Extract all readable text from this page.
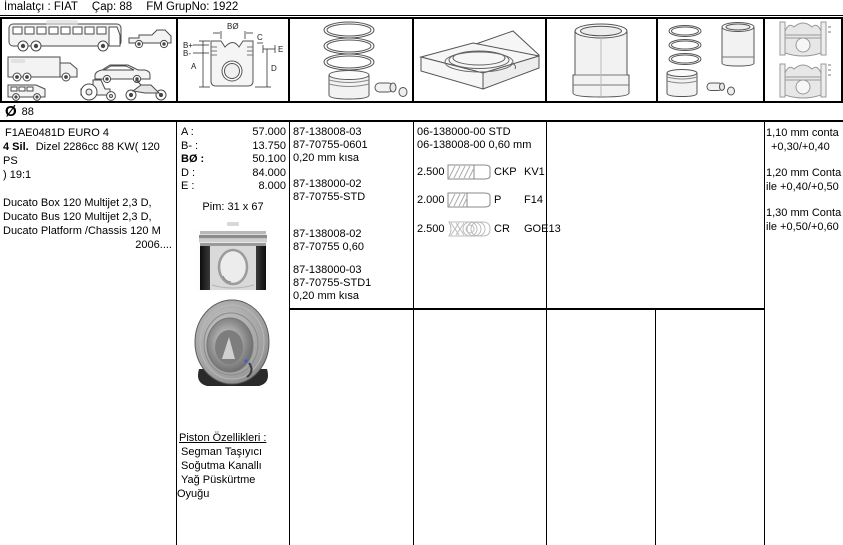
İmalatçı : FIAT Çap: 88 FM GrupNo: 1922
B+
B-
BØ
C
E
A	D
Ø 88
F1AE0481D EURO 4
4 Sil. Dizel 2286cc 88 KW( 120 PS
) 19:1
Ducato Box 120 Multijet 2,3 D,
Ducato Bus 120 Multijet 2,3 D,
Ducato Platform /Chassis 120 M
2006....
A :	57.000
B- :	13.750
BØ :	50.100
D :	84.000
E :	8.000
Pim: 31 x 67
Piston Özellikleri :
Segman Taşıyıcı
Soğutma Kanallı
Yağ Püskürtme
Oyuğu
87-138008-03
87-70755-0601
0,20 mm kısa
87-138000-02
87-70755-STD
87-138008-02
87-70755 0,60
87-138000-03
87-70755-STD1
0,20 mm kısa
06-138000-00 STD
06-138008-00 0,60 mm
2.500	CKP KV1
2.000	P	F14
2.500	CR	GOE13
1,10 mm conta
+0,30/+0,40
1,20 mm Conta
ile +0,40/+0,50
1,30 mm Conta
ile +0,50/+0,60
